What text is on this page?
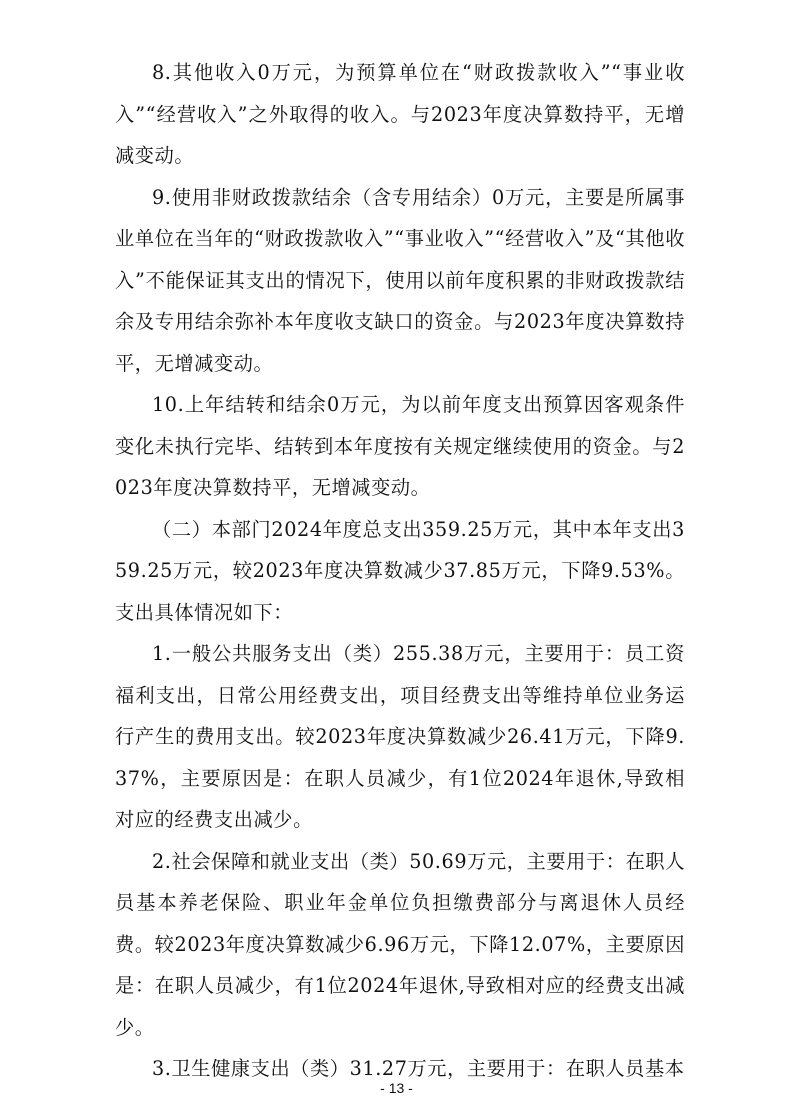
8.其他收入0万元，为预算单位在“财政拨款收入”“事业收入”“经营收入”之外取得的收入。与2023年度决算数持平，无增减变动。

9.使用非财政拨款结余（含专用结余）0万元，主要是所属事业单位在当年的“财政拨款收入”“事业收入”“经营收入”及“其他收入”不能保证其支出的情况下，使用以前年度积累的非财政拨款结余及专用结余弥补本年度收支缺口的资金。与2023年度决算数持平，无增减变动。

10.上年结转和结余0万元，为以前年度支出预算因客观条件变化未执行完毕、结转到本年度按有关规定继续使用的资金。与2023年度决算数持平，无增减变动。

（二）本部门2024年度总支出359.25万元，其中本年支出359.25万元，较2023年度决算数减少37.85万元，下降9.53%。支出具体情况如下：

1.一般公共服务支出（类）255.38万元，主要用于：员工资福利支出，日常公用经费支出，项目经费支出等维持单位业务运行产生的费用支出。较2023年度决算数减少26.41万元，下降9.37%，主要原因是：在职人员减少，有1位2024年退休,导致相对应的经费支出减少。

2.社会保障和就业支出（类）50.69万元，主要用于：在职人员基本养老保险、职业年金单位负担缴费部分与离退休人员经费。较2023年度决算数减少6.96万元，下降12.07%，主要原因是：在职人员减少，有1位2024年退休,导致相对应的经费支出减少。

3.卫生健康支出（类）31.27万元，主要用于：在职人员基本

- 13 -
